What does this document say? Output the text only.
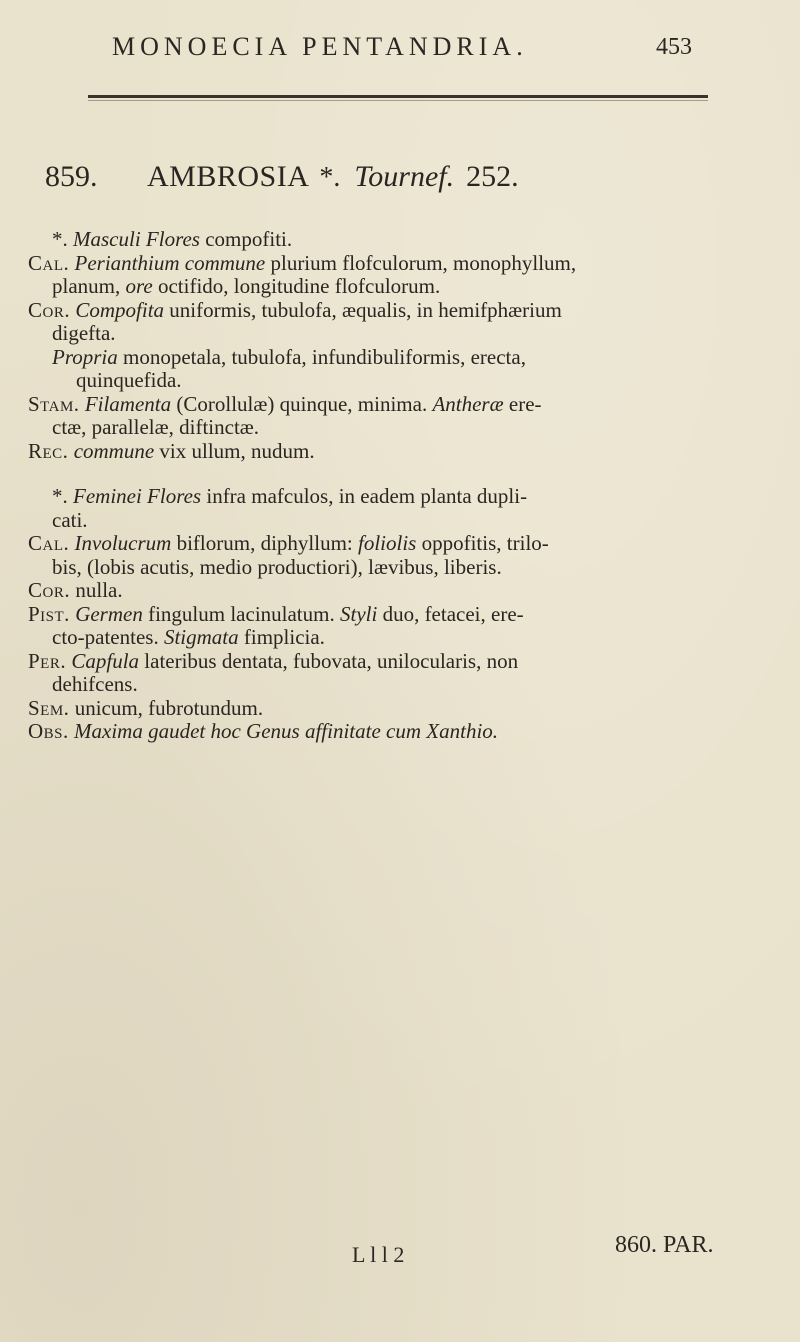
MONOECIA PENTANDRIA.	453
859. AMBROSIA *. Tournef. 252.
*. Masculi Flores compofiti.
Cal. Perianthium commune plurium flofculorum, monophyllum,
planum, ore octifido, longitudine flofculorum.
Cor. Compofita uniformis, tubulofa, æqualis, in hemifphærium
digefta.
Propria monopetala, tubulofa, infundibuliformis, erecta,
quinquefida.
Stam. Filamenta (Corollulæ) quinque, minima. Antheræ ere-
ctæ, parallelæ, diftinctæ.
Rec. commune vix ullum, nudum.
*. Feminei Flores infra mafculos, in eadem planta dupli-
cati.
Cal. Involucrum biflorum, diphyllum: foliolis oppofitis, trilo-
bis, (lobis acutis, medio productiori), lævibus, liberis.
Cor. nulla.
Pist. Germen fingulum lacinulatum. Styli duo, fetacei, ere-
cto-patentes. Stigmata fimplicia.
Per. Capfula lateribus dentata, fubovata, unilocularis, non
dehifcens.
Sem. unicum, fubrotundum.
Obs. Maxima gaudet hoc Genus affinitate cum Xanthio.
L l l 2	860. PAR.
